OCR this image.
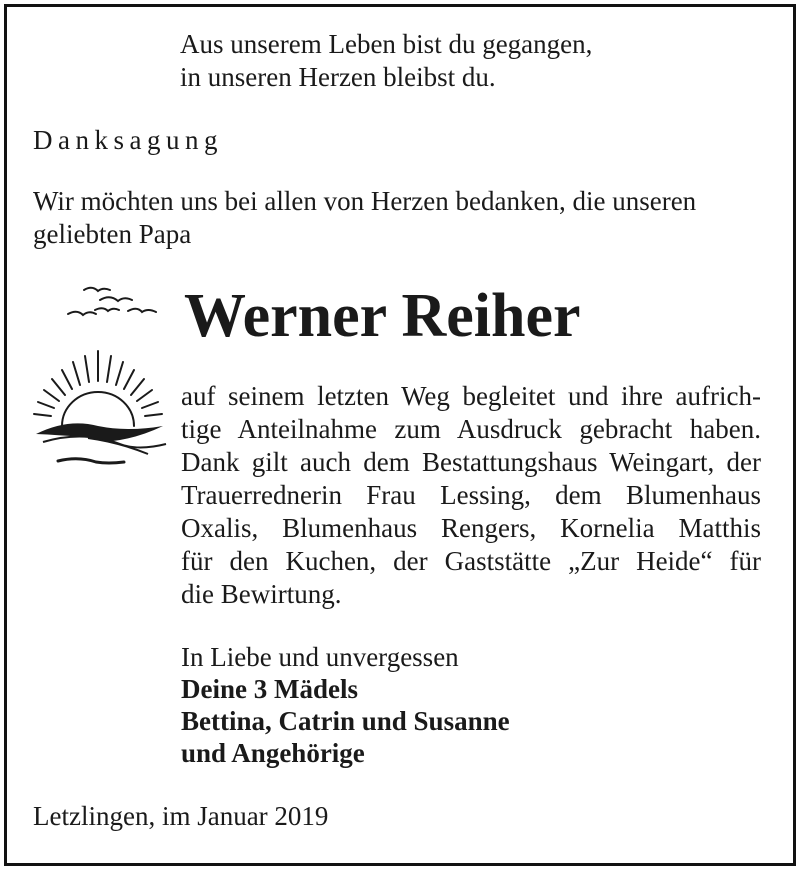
Aus unserem Leben bist du gegangen,
in unseren Herzen bleibst du.
Danksagung
Wir möchten uns bei allen von Herzen bedanken, die unseren
geliebten Papa
Werner Reiher
auf seinem letzten Weg begleitet und ihre aufrich-
tige Anteilnahme zum Ausdruck gebracht haben.
Dank gilt auch dem Bestattungshaus Weingart, der
Trauerrednerin Frau Lessing, dem Blumenhaus
Oxalis, Blumenhaus Rengers, Kornelia Matthis
für den Kuchen, der Gaststätte „Zur Heide“ für
die Bewirtung.
In Liebe und unvergessen
Deine 3 Mädels
Bettina, Catrin und Susanne
und Angehörige
Letzlingen, im Januar 2019
